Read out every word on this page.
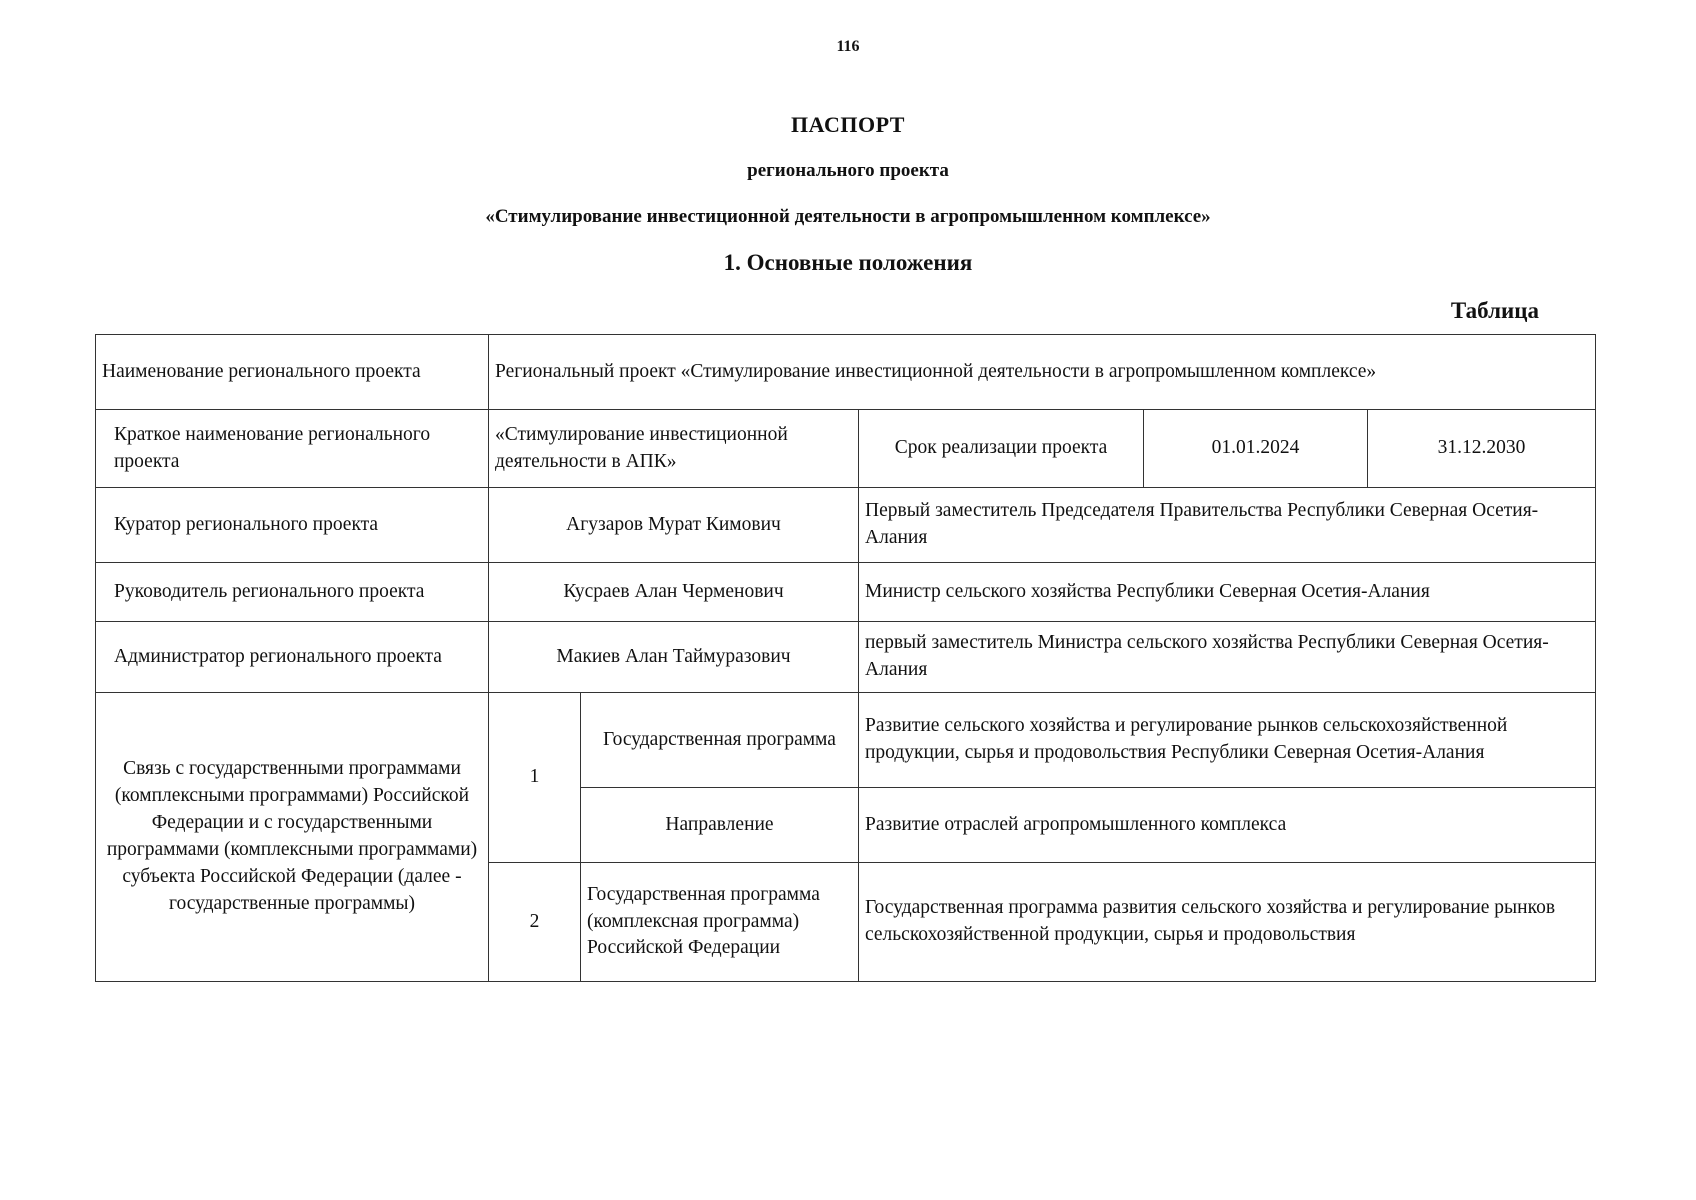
116
ПАСПОРТ
регионального проекта
«Стимулирование инвестиционной деятельности в агропромышленном комплексе»
1. Основные положения
Таблица
Наименование регионального проекта	Региональный проект «Стимулирование инвестиционной деятельности в агропромышленном комплексе»				
Краткое наименование регионального проекта	«Стимулирование инвестиционной деятельности в АПК»		Срок реализации проекта	01.01.2024	31.12.2030
Куратор регионального проекта	Агузаров Мурат Кимович		Первый заместитель Председателя Правительства Республики Северная Осетия-Алания		
Руководитель регионального проекта	Кусраев Алан Черменович		Министр сельского хозяйства Республики Северная Осетия-Алания		
Администратор регионального проекта	Макиев Алан Таймуразович		первый заместитель Министра сельского хозяйства Республики Северная Осетия-Алания		
Связь с государственными программами (комплексными программами) Российской Федерации и с государственными программами (комплексными программами) субъекта Российской Федерации (далее - государственные программы)	1	Государственная программа	Развитие сельского хозяйства и регулирование рынков сельскохозяйственной продукции, сырья и продовольствия Республики Северная Осетия-Алания		
		Направление	Развитие отраслей агропромышленного комплекса		
	2	Государственная программа (комплексная программа) Российской Федерации	Государственная программа развития сельского хозяйства и регулирование рынков сельскохозяйственной продукции, сырья и продовольствия		
